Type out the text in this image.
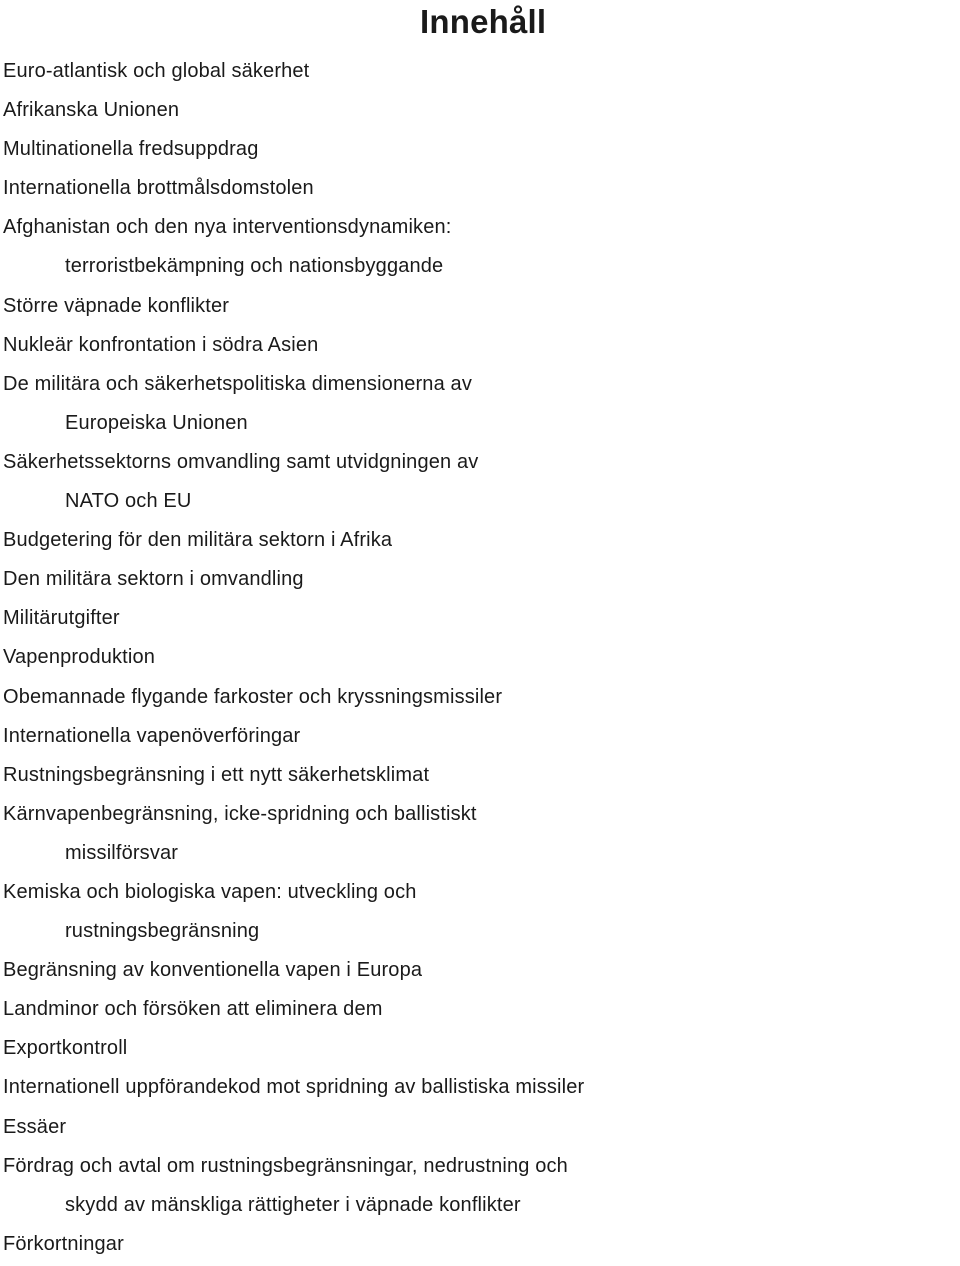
Innehåll
Euro-atlantisk och global säkerhet
Afrikanska Unionen
Multinationella fredsuppdrag
Internationella brottmålsdomstolen
Afghanistan och den nya interventionsdynamiken:
terroristbekämpning och nationsbyggande
Större väpnade konflikter
Nukleär konfrontation i södra Asien
De militära och säkerhetspolitiska dimensionerna av
Europeiska Unionen
Säkerhetssektorns omvandling samt utvidgningen av
NATO och EU
Budgetering för den militära sektorn i Afrika
Den militära sektorn i omvandling
Militärutgifter
Vapenproduktion
Obemannade flygande farkoster och kryssningsmissiler
Internationella vapenöverföringar
Rustningsbegränsning i ett nytt säkerhetsklimat
Kärnvapenbegränsning, icke-spridning och ballistiskt
missilförsvar
Kemiska och biologiska vapen: utveckling och
rustningsbegränsning
Begränsning av konventionella vapen i Europa
Landminor och försöken att eliminera dem
Exportkontroll
Internationell uppförandekod mot spridning av ballistiska missiler
Essäer
Fördrag och avtal om rustningsbegränsningar, nedrustning och
skydd av mänskliga rättigheter i väpnade konflikter
Förkortningar
